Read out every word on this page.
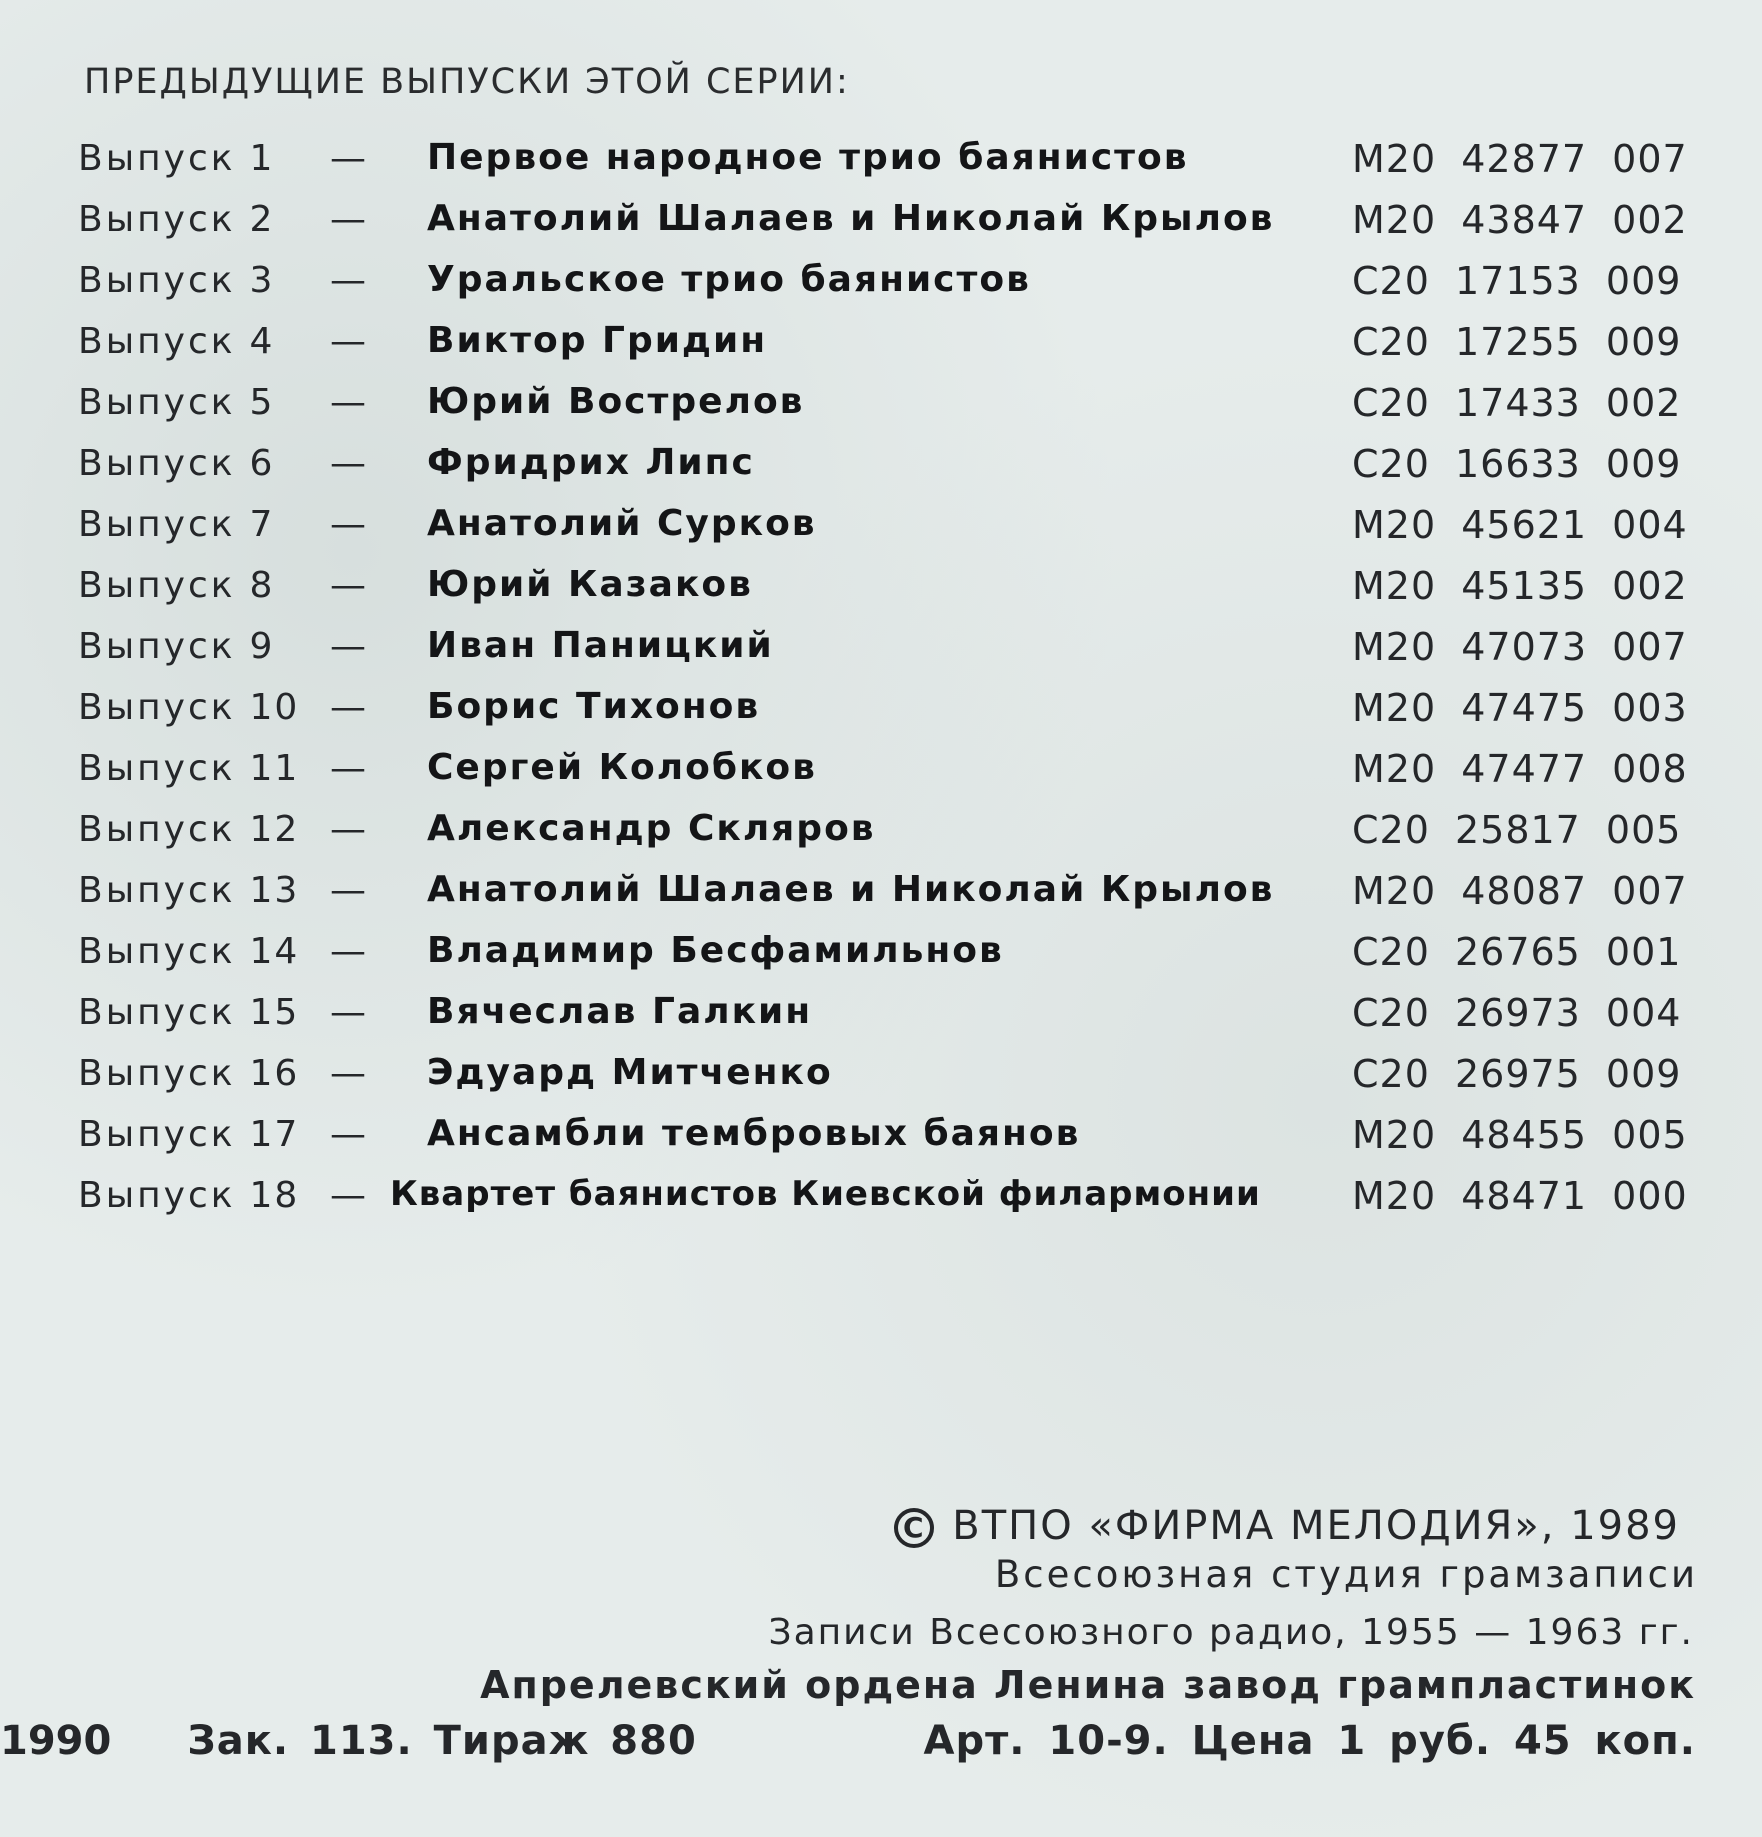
ПРЕДЫДУЩИЕ ВЫПУСКИ ЭТОЙ СЕРИИ:
Выпуск 1 — Первое народное трио баянистов	М20 42877 007
Выпуск 2 — Анатолий Шалаев и Николай Крылов М20 43847 002
Выпуск 3 — Уральское трио баянистов	С20 17153 009
Выпуск 4 — Виктор Гридин	С20 17255 009
Выпуск 5 — Юрий Вострелов	С20 17433 002
Выпуск 6 — Фридрих Липс	С20 16633 009
Выпуск 7 — Анатолий Сурков	М20 45621 004
Выпуск 8 — Юрий Казаков	М20 45135 002
Выпуск 9 — Иван Паницкий	М20 47073 007
Выпуск 10 — Борис Тихонов	М20 47475 003
Выпуск 11 — Сергей Колобков	М20 47477 008
Выпуск 12 — Александр Скляров	С20 25817 005
Выпуск 13 — Анатолий Шалаев и Николай Крылов М20 48087 007
Выпуск 14 — Владимир Бесфамильнов	С20 26765 001
Выпуск 15 — Вячеслав Галкин	С20 26973 004
Выпуск 16 — Эдуард Митченко	С20 26975 009
Выпуск 17 — Ансамбли тембровых баянов	М20 48455 005
Выпуск 18 — Квартет баянистов Киевской филармонии М20 48471 000
C ВТПО «ФИРМА МЕЛОДИЯ», 1989
Всесоюзная студия грамзаписи
Записи Всесоюзного радио, 1955 — 1963 гг.
Апрелевский ордена Ленина завод грампластинок
Арт. 10-9. Цена 1 руб. 45 коп.
1990 Зак. 113. Тираж 880
